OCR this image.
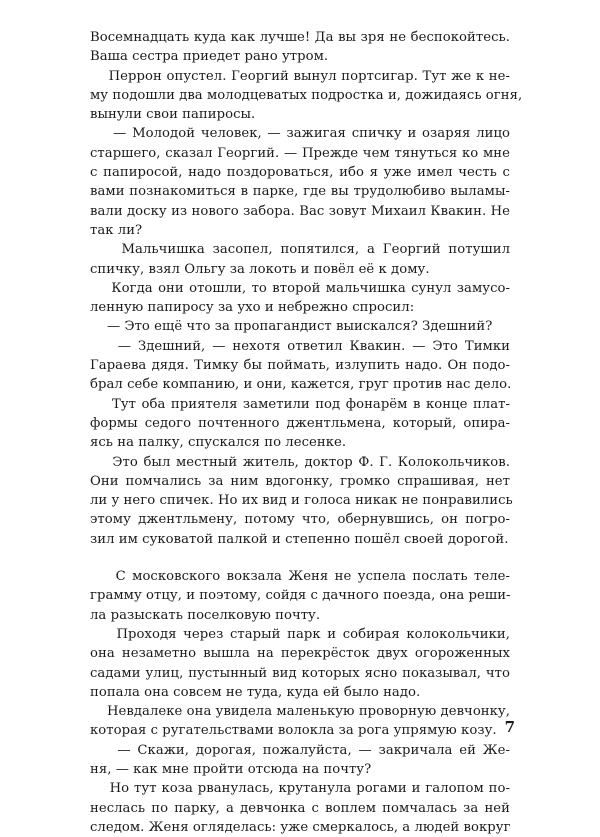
Восемнадцать куда как лучше! Да вы зря не беспокойтесь.
Ваша сестра приедет рано утром.
Перрон опустел. Георгий вынул портсигар. Тут же к не-
му подошли два молодцеватых подростка и, дожидаясь огня,
вынули свои папиросы.
— Молодой человек, — зажигая спичку и озаряя лицо
старшего, сказал Георгий. — Прежде чем тянуться ко мне
с папиросой, надо поздороваться, ибо я уже имел честь с
вами познакомиться в парке, где вы трудолюбиво выламы-
вали доску из нового забора. Вас зовут Михаил Квакин. Не
так ли?
Мальчишка засопел, попятился, а Георгий потушил
спичку, взял Ольгу за локоть и повёл её к дому.
Когда они отошли, то второй мальчишка сунул замусо-
ленную папиросу за ухо и небрежно спросил:
— Это ещё что за пропагандист выискался? Здешний?
— Здешний, — нехотя ответил Квакин. — Это Тимки
Гараева дядя. Тимку бы поймать, излупить надо. Он подо-
брал себе компанию, и они, кажется, груг против нас дело.
Тут оба приятеля заметили под фонарём в конце плат-
формы седого почтенного джентльмена, который, опира-
ясь на палку, спускался по лесенке.
Это был местный житель, доктор Ф. Г. Колокольчиков.
Они помчались за ним вдогонку, громко спрашивая, нет
ли у него спичек. Но их вид и голоса никак не понравились
этому джентльмену, потому что, обернувшись, он погро-
зил им суковатой палкой и степенно пошёл своей дорогой.
С московского вокзала Женя не успела послать теле-
грамму отцу, и поэтому, сойдя с дачного поезда, она реши-
ла разыскать поселковую почту.
Проходя через старый парк и собирая колокольчики,
она незаметно вышла на перекрёсток двух огороженных
садами улиц, пустынный вид которых ясно показывал, что
попала она совсем не туда, куда ей было надо.
Невдалеке она увидела маленькую проворную девчонку,
которая с ругательствами волокла за рога упрямую козу.
— Скажи, дорогая, пожалуйста, — закричала ей Же-
ня, — как мне пройти отсюда на почту?
Но тут коза рванулась, крутанула рогами и галопом по-
неслась по парку, а девчонка с воплем помчалась за ней
следом. Женя огляделась: уже смеркалось, а людей вокруг
7
